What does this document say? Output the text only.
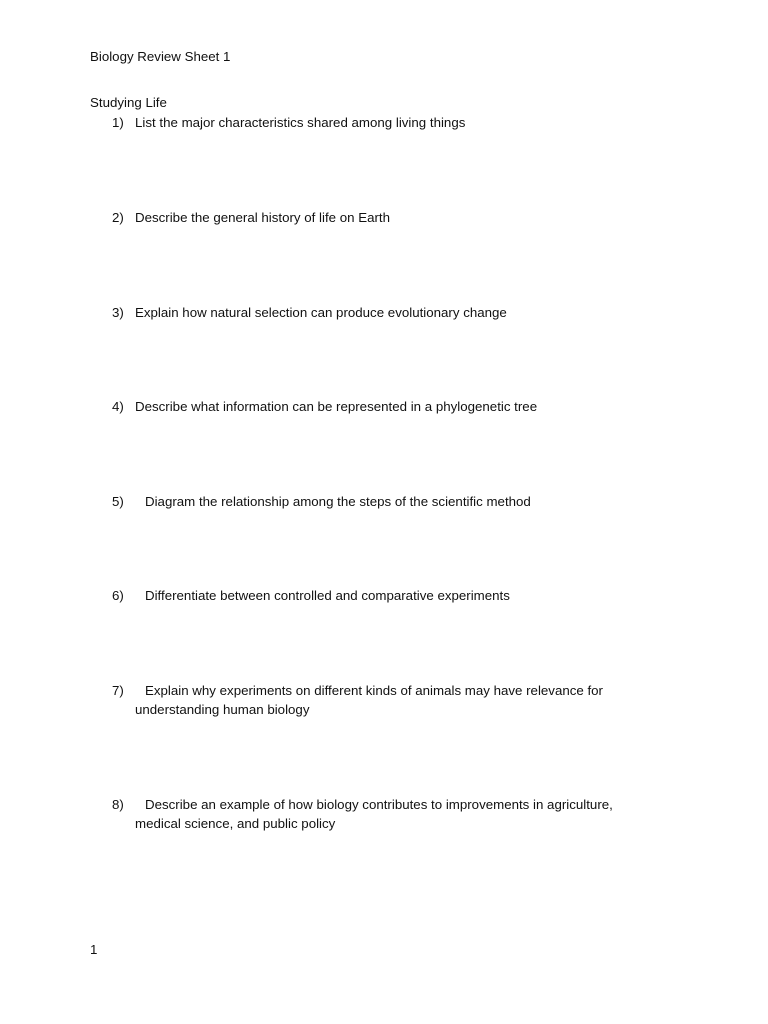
Biology Review Sheet 1
Studying Life
1) List the major characteristics shared among living things
2) Describe the general history of life on Earth
3) Explain how natural selection can produce evolutionary change
4) Describe what information can be represented in a phylogenetic tree
5)	Diagram the relationship among the steps of the scientific method
6)	Differentiate between controlled and comparative experiments
7)	Explain why experiments on different kinds of animals may have relevance for understanding human biology
8)	Describe an example of how biology contributes to improvements in agriculture, medical science, and public policy
1
